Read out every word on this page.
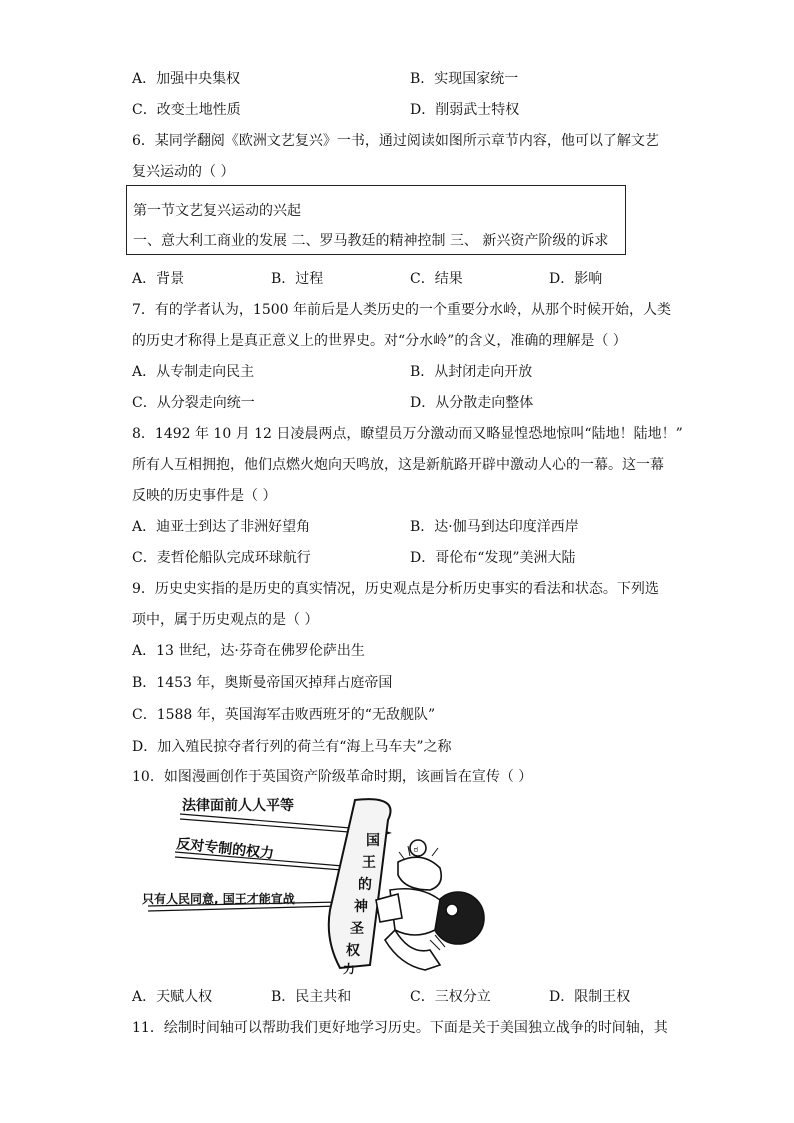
A．加强中央集权	B．实现国家统一
C．改变土地性质	D．削弱武士特权
6．某同学翻阅《欧洲文艺复兴》一书，通过阅读如图所示章节内容，他可以了解文艺
复兴运动的（ ）
第一节文艺复兴运动的兴起
一、意大利工商业的发展 二、罗马教廷的精神控制 三、 新兴资产阶级的诉求
A．背景	B．过程	C．结果	D．影响
7．有的学者认为，1500 年前后是人类历史的一个重要分水岭，从那个时候开始，人类
的历史才称得上是真正意义上的世界史。对“分水岭”的含义，准确的理解是（ ）
A．从专制走向民主	B．从封闭走向开放
C．从分裂走向统一	D．从分散走向整体
8．1492 年 10 月 12 日凌晨两点，瞭望员万分激动而又略显惶恐地惊叫“陆地！陆地！”
所有人互相拥抱，他们点燃火炮向天鸣放，这是新航路开辟中激动人心的一幕。这一幕
反映的历史事件是（ ）
A．迪亚士到达了非洲好望角	B．达·伽马到达印度洋西岸
C．麦哲伦船队完成环球航行	D．哥伦布“发现”美洲大陆
9．历史史实指的是历史的真实情况，历史观点是分析历史事实的看法和状态。下列选
项中，属于历史观点的是（ ）
A．13 世纪，达·芬奇在佛罗伦萨出生
B．1453 年，奥斯曼帝国灭掉拜占庭帝国
C．1588 年，英国海军击败西班牙的“无敌舰队”
D．加入殖民掠夺者行列的荷兰有“海上马车夫”之称
10．如图漫画创作于英国资产阶级革命时期，该画旨在宣传（ ）
法律面前人人平等
反对专制的权力
只有人民同意, 国王才能宣战
国
王
的
神
圣
权
力
ಠ
A．天赋人权	B．民主共和	C．三权分立	D．限制王权
11．绘制时间轴可以帮助我们更好地学习历史。下面是关于美国独立战争的时间轴，其
